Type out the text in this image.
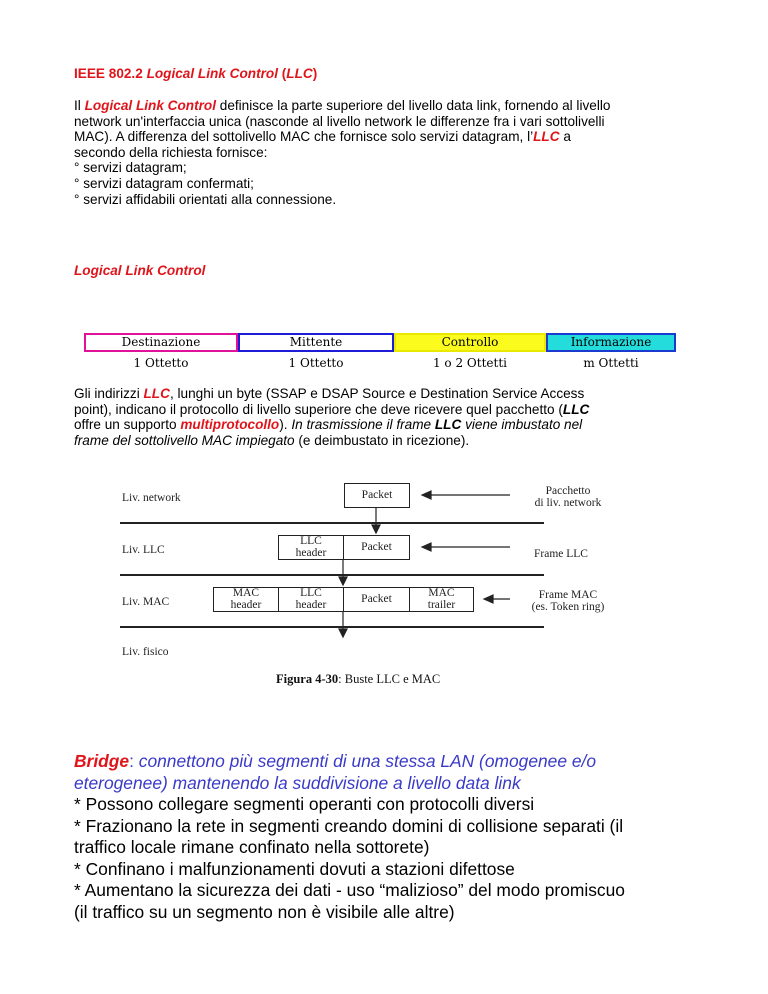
IEEE 802.2 Logical Link Control (LLC)
Il Logical Link Control definisce la parte superiore del livello data link, fornendo al livello
network un'interfaccia unica (nasconde al livello network le differenze fra i vari sottolivelli
MAC). A differenza del sottolivello MAC che fornisce solo servizi datagram, l’LLC a
secondo della richiesta fornisce:
° servizi datagram;
° servizi datagram confermati;
° servizi affidabili orientati alla connessione.
Logical Link Control
Destinazione	Mittente	Controllo	Informazione
1 Ottetto	1 Ottetto	1 o 2 Ottetti	m Ottetti
Gli indirizzi LLC, lunghi un byte (SSAP e DSAP Source e Destination Service Access
point), indicano il protocollo di livello superiore che deve ricevere quel pacchetto (LLC
offre un supporto multiprotocollo). In trasmissione il frame LLC viene imbustato nel
frame del sottolivello MAC impiegato (e deimbustato in ricezione).
Liv. network
Liv. LLC
Liv. MAC
Liv. fisico
Packet
LLC
header	Packet
MAC
header
LLC
header	Packet	MAC
trailer
Pacchetto
di liv. network
Frame LLC
Frame MAC
(es. Token ring)
Figura 4-30: Buste LLC e MAC
Bridge: connettono più segmenti di una stessa LAN (omogenee e/o
eterogenee) mantenendo la suddivisione a livello data link
* Possono collegare segmenti operanti con protocolli diversi
* Frazionano la rete in segmenti creando domini di collisione separati (il
traffico locale rimane confinato nella sottorete)
* Confinano i malfunzionamenti dovuti a stazioni difettose
* Aumentano la sicurezza dei dati - uso “malizioso” del modo promiscuo
(il traffico su un segmento non è visibile alle altre)
